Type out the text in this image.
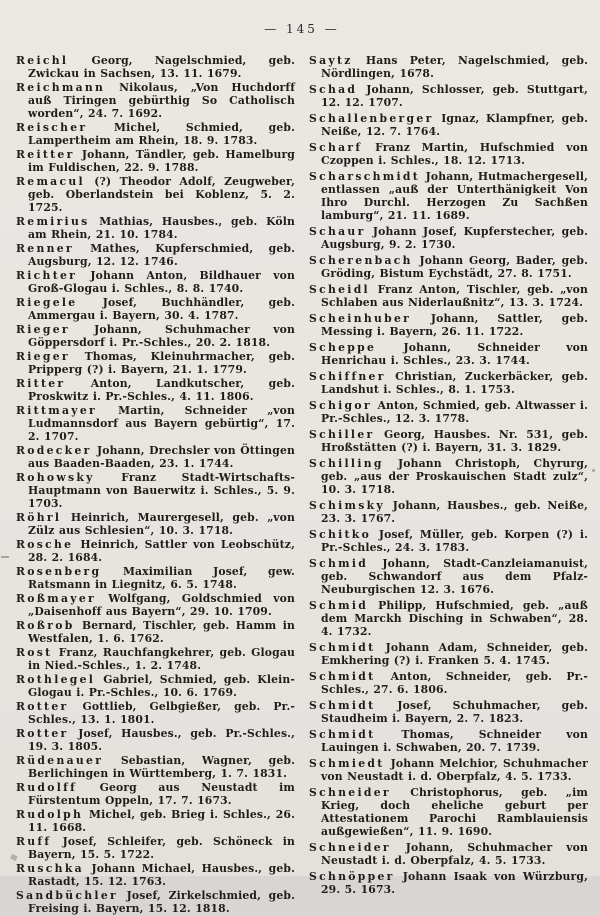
— 145 —

Reichl Georg, Nagelschmied, geb. Zwickau in Sachsen, 13. 11. 1679.

Reichmann Nikolaus, „Von Huchdorff auß Tiringen gebürthig So Catholisch worden“, 24. 7. 1692.

Reischer Michel, Schmied, geb. Lampertheim am Rhein, 18. 9. 1783.

Reitter Johann, Tändler, geb. Hamelburg im Fuldischen, 22. 9. 1788.

Remacul (?) Theodor Adolf, Zeugweber, geb. Oberlandstein bei Koblenz, 5. 2. 1725.

Remirius Mathias, Hausbes., geb. Köln am Rhein, 21. 10. 1784.

Renner Mathes, Kupferschmied, geb. Augsburg, 12. 12. 1746.

Richter Johann Anton, Bildhauer von Groß-Glogau i. Schles., 8. 8. 1740.

Riegele Josef, Buchhändler, geb. Ammergau i. Bayern, 30. 4. 1787.

Rieger Johann, Schuhmacher von Göppersdorf i. Pr.-Schles., 20. 2. 1818.

Rieger Thomas, Kleinuhrmacher, geb. Pripperg (?) i. Bayern, 21. 1. 1779.

Ritter Anton, Landkutscher, geb. Proskwitz i. Pr.-Schles., 4. 11. 1806.

Rittmayer Martin, Schneider „von Ludmannsdorf aus Bayern gebürtig“, 17. 2. 1707.

Rodecker Johann, Drechsler von Öttingen aus Baaden-Baaden, 23. 1. 1744.

Rohowsky Franz Stadt-Wirtschafts-Hauptmann von Bauerwitz i. Schles., 5. 9. 1703.

Röhrl Heinrich, Maurergesell, geb. „von Zülz aus Schlesien“, 10. 3. 1718.

Rosche Heinrich, Sattler von Leobschütz, 28. 2. 1684.

Rosenberg Maximilian Josef, gew. Ratsmann in Liegnitz, 6. 5. 1748.

Roßmayer Wolfgang, Goldschmied von „Daisenhoff aus Bayern“, 29. 10. 1709.

Roßrob Bernard, Tischler, geb. Hamm in Westfalen, 1. 6. 1762.

Rost Franz, Rauchfangkehrer, geb. Glogau in Nied.-Schles., 1. 2. 1748.

Rothlegel Gabriel, Schmied, geb. Klein-Glogau i. Pr.-Schles., 10. 6. 1769.

Rotter Gottlieb, Gelbgießer, geb. Pr.-Schles., 13. 1. 1801.

Rotter Josef, Hausbes., geb. Pr.-Schles., 19. 3. 1805.

Rüdenauer Sebastian, Wagner, geb. Berlichingen in Württemberg, 1. 7. 1831.

Rudolff Georg aus Neustadt im Fürstentum Oppeln, 17. 7. 1673.

Rudolph Michel, geb. Brieg i. Schles., 26. 11. 1668.

Ruff Josef, Schleifer, geb. Schöneck in Bayern, 15. 5. 1722.

Ruschka Johann Michael, Hausbes., geb. Rastadt, 15. 12. 1763.

Sandbüchler Josef, Zirkelschmied, geb. Freising i. Bayern, 15. 12. 1818.

Saytz Hans Peter, Nagelschmied, geb. Nördlingen, 1678.

Schad Johann, Schlosser, geb. Stuttgart, 12. 12. 1707.

Schallenberger Ignaz, Klampfner, geb. Neiße, 12. 7. 1764.

Scharf Franz Martin, Hufschmied von Czoppen i. Schles., 18. 12. 1713.

Scharschmidt Johann, Hutmachergesell, entlassen „auß der Unterthänigkeit Von Ihro Durchl. Herzogen Zu Sachßen lamburg“, 21. 11. 1689.

Schaur Johann Josef, Kupferstecher, geb. Augsburg, 9. 2. 1730.

Scherenbach Johann Georg, Bader, geb. Gröding, Bistum Eychstädt, 27. 8. 1751.

Scheidl Franz Anton, Tischler, geb. „von Schlaben aus Niderlaußnitz“, 13. 3. 1724.

Scheinhuber Johann, Sattler, geb. Messing i. Bayern, 26. 11. 1722.

Scheppe	Johann, Schneider von Henrichau i. Schles., 23. 3. 1744.

Schiffner Christian, Zuckerbäcker, geb. Landshut i. Schles., 8. 1. 1753.

Schigor Anton, Schmied, geb. Altwasser i. Pr.-Schles., 12. 3. 1778.

Schiller Georg, Hausbes. Nr. 531, geb. Hroßstätten (?) i. Bayern, 31. 3. 1829.

Schilling Johann Christoph, Chyrurg, geb. „aus der Proskauischen Stadt zulz“, 10. 3. 1718.

Schimsky Johann, Hausbes., geb. Neiße, 23. 3. 1767.

Schitko Josef, Müller, geb. Korpen (?) i. Pr.-Schles., 24. 3. 1783.

Schmid Johann, Stadt-Canzleiamanuist, geb. Schwandorf aus dem Pfalz-Neuburgischen 12. 3. 1676.

Schmid Philipp, Hufschmied, geb. „auß dem Marckh Disching in Schwaben“, 28. 4. 1732.

Schmidt Johann Adam, Schneider, geb. Emkhering (?) i. Franken 5. 4. 1745.

Schmidt Anton, Schneider, geb. Pr.-Schles., 27. 6. 1806.

Schmidt Josef, Schuhmacher, geb. Staudheim i. Bayern, 2. 7. 1823.

Schmidt Thomas, Schneider von Lauingen i. Schwaben, 20. 7. 1739.

Schmiedt Johann Melchior, Schuhmacher von Neustadt i. d. Oberpfalz, 4. 5. 1733.

Schneider Christophorus, geb. „im Krieg, doch eheliche geburt per Attestationem Parochi Ramblauiensis außgewießen“, 11. 9. 1690.

Schneider Johann, Schuhmacher von Neustadt i. d. Oberpfalz, 4. 5. 1733.

Schnöpper Johann Isaak von Würzburg, 29. 5. 1673.
